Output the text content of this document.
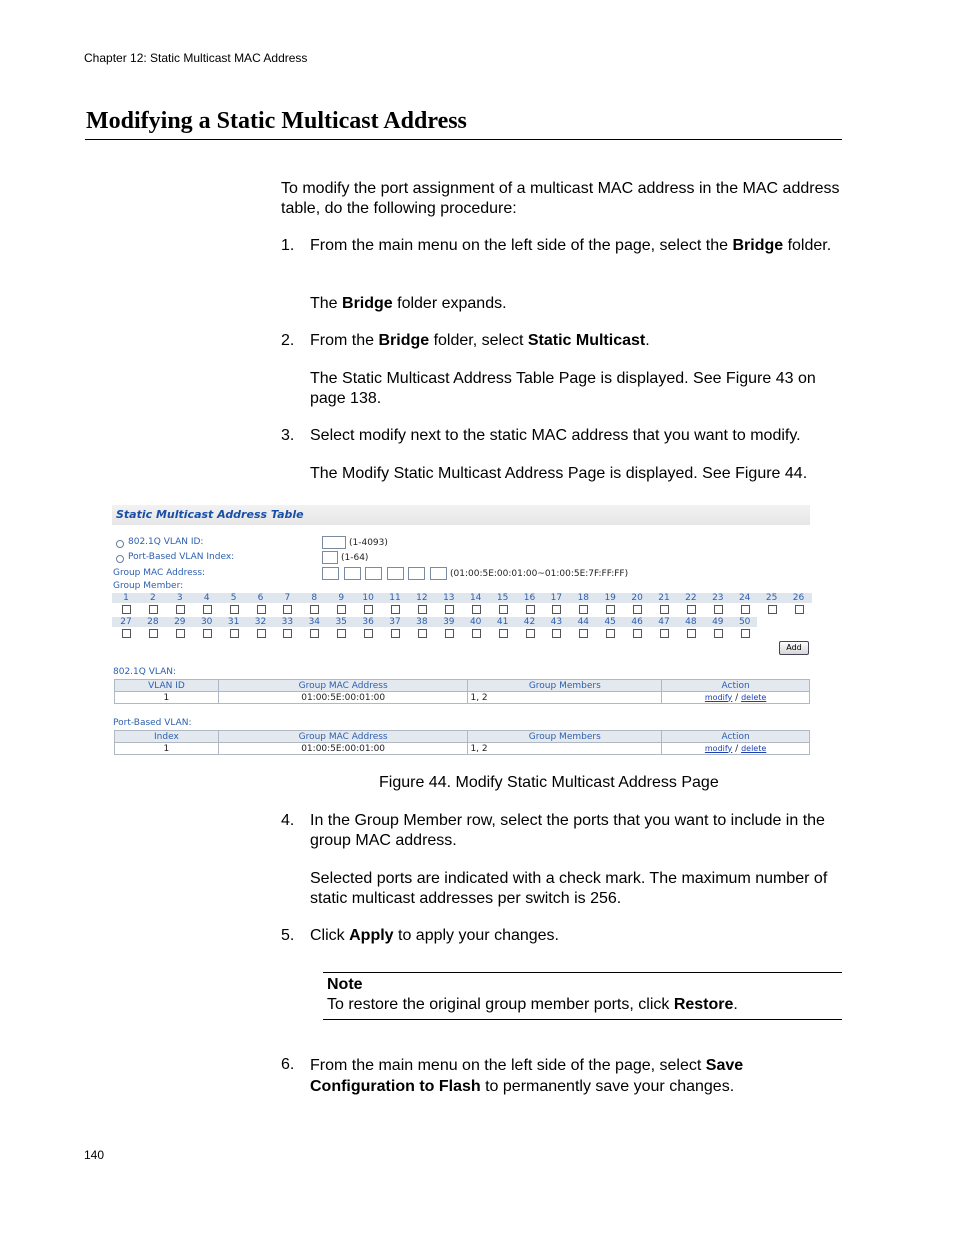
Chapter 12: Static Multicast MAC Address
Modifying a Static Multicast Address
To modify the port assignment of a multicast MAC address in the MAC address table, do the following procedure:
1. From the main menu on the left side of the page, select the Bridge folder.
The Bridge folder expands.
2. From the Bridge folder, select Static Multicast.
The Static Multicast Address Table Page is displayed. See Figure 43 on page 138.
3. Select modify next to the static MAC address that you want to modify.
The Modify Static Multicast Address Page is displayed. See Figure 44.
Static Multicast Address Table
802.1Q VLAN ID:	(1-4093)
Port-Based VLAN Index:	(1-64)
Group MAC Address:	(01:00:5E:00:01:00~01:00:5E:7F:FF:FF)
Group Member:
Add
802.1Q VLAN:
VLAN ID	Group MAC Address	Group Members	Action
1	01:00:5E:00:01:00	1, 2	modify / delete
Port-Based VLAN:
Index	Group MAC Address	Group Members	Action
1	01:00:5E:00:01:00	1, 2	modify / delete
1	2	3	4	5	6	7	8	9	10	11	12	13	14	15	16	17	18	19	20	21	22	23	24	25	26
27	28	29	30	31	32	33	34	35	36	37	38	39	40	41	42	43	44	45	46	47	48	49	50
Figure 44. Modify Static Multicast Address Page
4. In the Group Member row, select the ports that you want to include in the group MAC address.
Selected ports are indicated with a check mark. The maximum number of static multicast addresses per switch is 256.
5. Click Apply to apply your changes.
Note
To restore the original group member ports, click Restore.
6. From the main menu on the left side of the page, select Save Configuration to Flash to permanently save your changes.
140
